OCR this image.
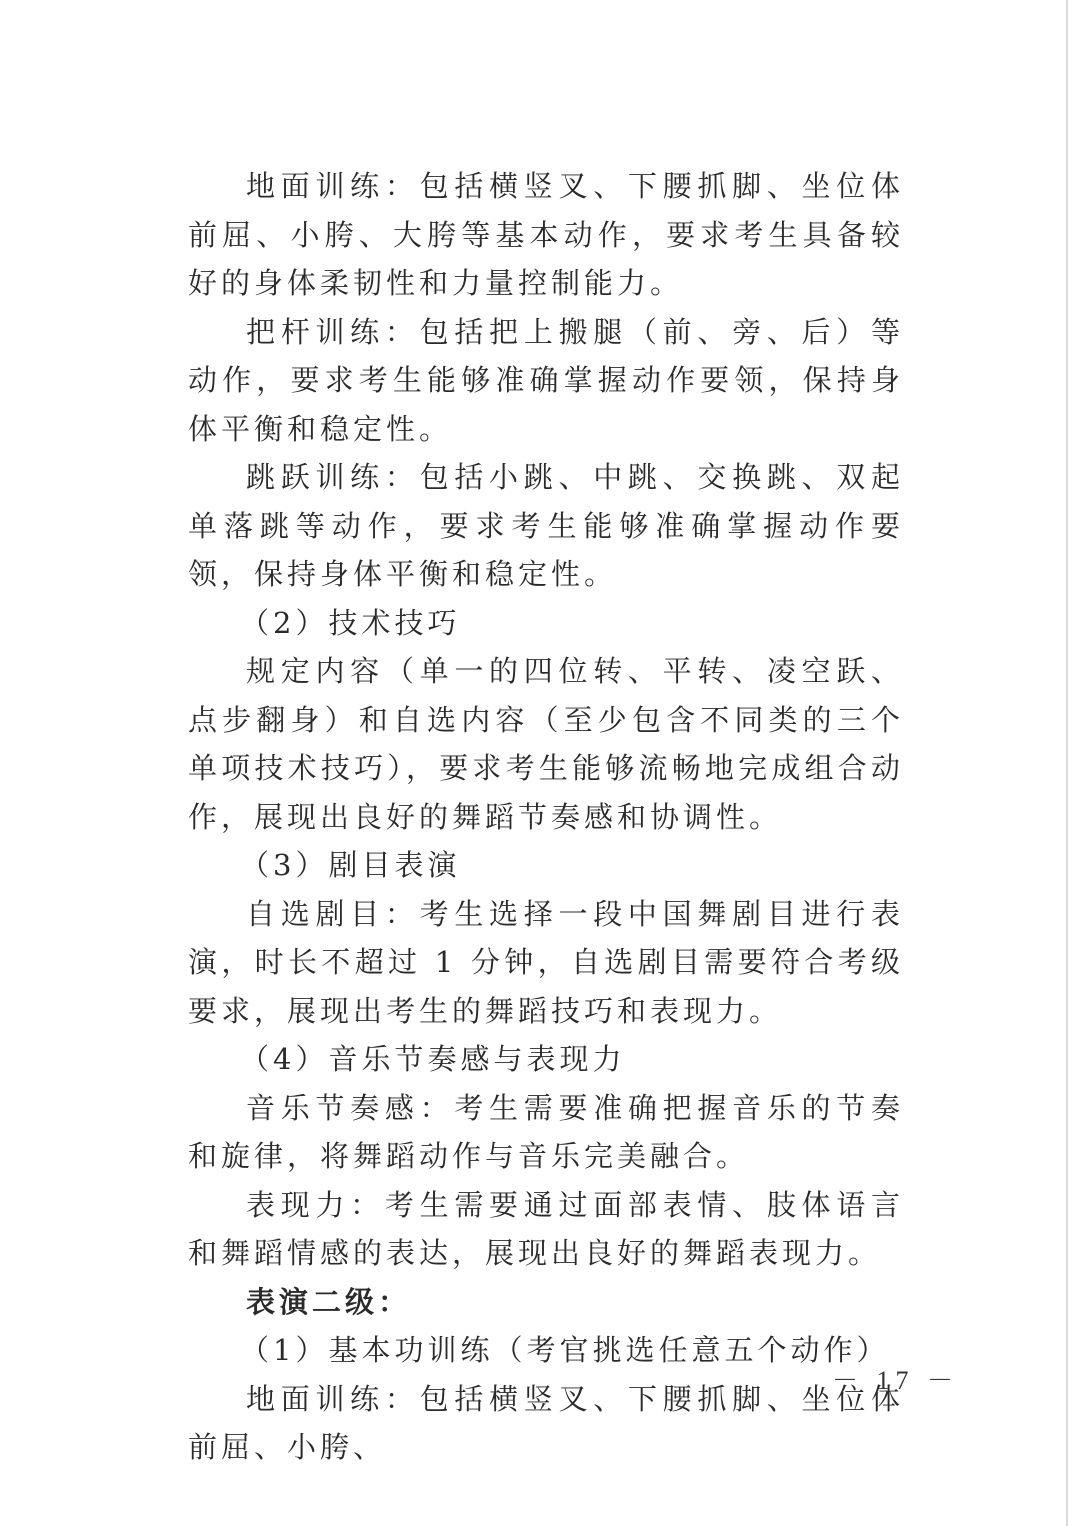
地面训练：包括横竖叉、下腰抓脚、坐位体前屈、小胯、大胯等基本动作，要求考生具备较好的身体柔韧性和力量控制能力。

把杆训练：包括把上搬腿（前、旁、后）等动作，要求考生能够准确掌握动作要领，保持身体平衡和稳定性。

跳跃训练：包括小跳、中跳、交换跳、双起单落跳等动作，要求考生能够准确掌握动作要领，保持身体平衡和稳定性。

（2）技术技巧

规定内容（单一的四位转、平转、凌空跃、点步翻身）和自选内容（至少包含不同类的三个单项技术技巧），要求考生能够流畅地完成组合动作，展现出良好的舞蹈节奏感和协调性。

（3）剧目表演

自选剧目：考生选择一段中国舞剧目进行表演，时长不超过 1 分钟，自选剧目需要符合考级要求，展现出考生的舞蹈技巧和表现力。

（4）音乐节奏感与表现力

音乐节奏感：考生需要准确把握音乐的节奏和旋律，将舞蹈动作与音乐完美融合。

表现力：考生需要通过面部表情、肢体语言和舞蹈情感的表达，展现出良好的舞蹈表现力。

表演二级：

（1）基本功训练（考官挑选任意五个动作）

地面训练：包括横竖叉、下腰抓脚、坐位体前屈、小胯、

－ 17 －
